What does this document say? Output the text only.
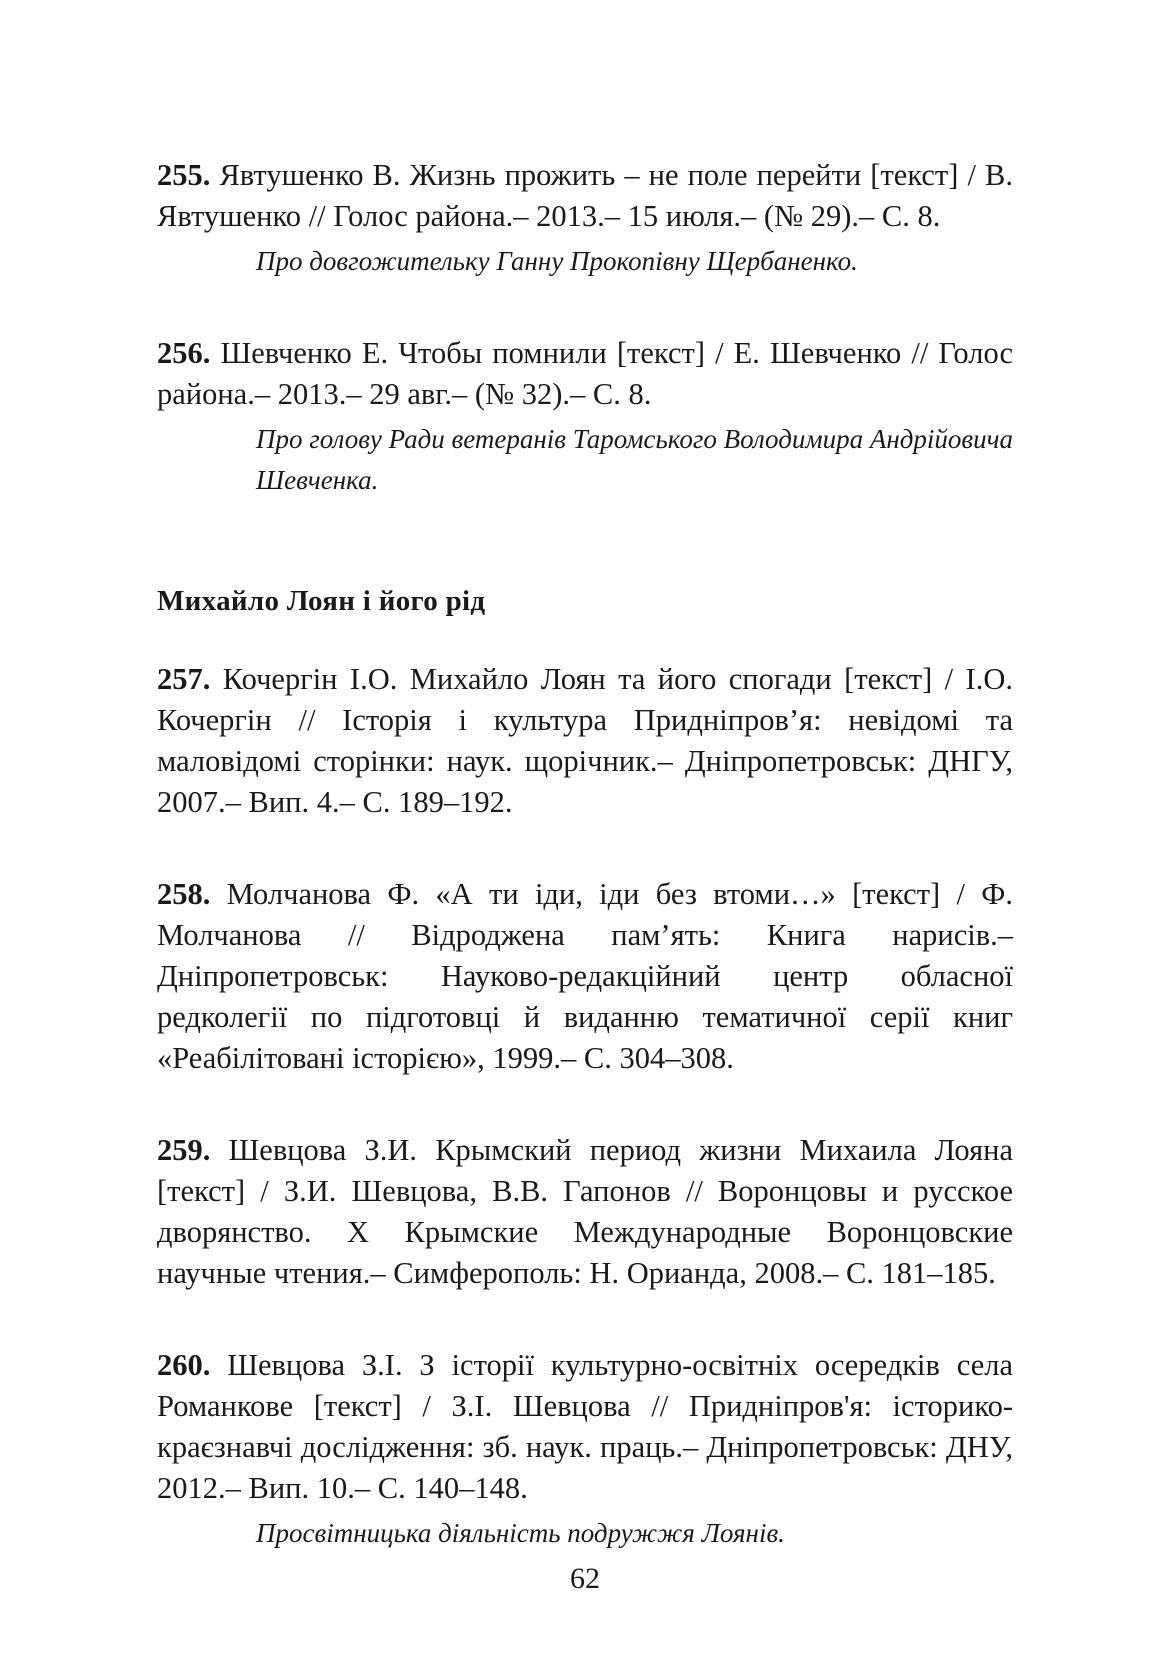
255. Явтушенко В. Жизнь прожить – не поле перейти [текст] / В. Явтушенко // Голос района.– 2013.– 15 июля.– (№ 29).– С. 8.

Про довгожительку Ганну Прокопівну Щербаненко.

256. Шевченко Е. Чтобы помнили [текст] / Е. Шевченко // Голос района.– 2013.– 29 авг.– (№ 32).– С. 8.

Про голову Ради ветеранів Таромського Володимира Андрійовича Шевченка.

Михайло Лоян і його рід

257. Кочергін І.О. Михайло Лоян та його спогади [текст] / І.О. Кочергін // Історія і культура Придніпров’я: невідомі та маловідомі сторінки: наук. щорічник.– Дніпропетровськ: ДНГУ, 2007.– Вип. 4.– С. 189–192.

258. Молчанова Ф. «А ти іди, іди без втоми…» [текст] / Ф. Молчанова // Відроджена пам’ять: Книга нарисів.– Дніпропетровськ: Науково-редакційний центр обласної редколегії по підготовці й виданню тематичної серії книг «Реабілітовані історією», 1999.– С. 304–308.

259. Шевцова З.И. Крымский период жизни Михаила Лояна [текст] / З.И. Шевцова, В.В. Гапонов // Воронцовы и русское дворянство. Х Крымские Международные Воронцовские научные чтения.– Симферополь: Н. Орианда, 2008.– С. 181–185.

260. Шевцова З.І. З історії культурно-освітніх осередків села Романкове [текст] / З.І. Шевцова // Придніпров'я: історико-краєзнавчі дослідження: зб. наук. праць.– Дніпропетровськ: ДНУ, 2012.– Вип. 10.– С. 140–148.

Просвітницька діяльність подружжя Лоянів.

62
